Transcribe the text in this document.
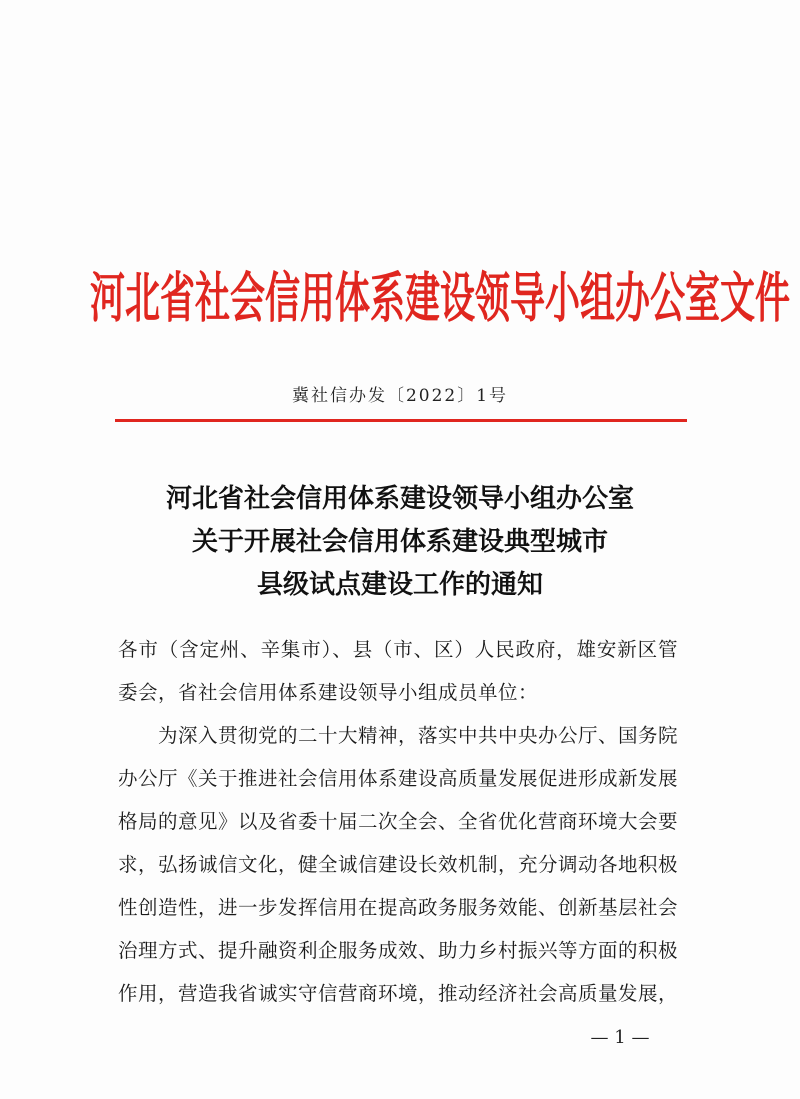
河北省社会信用体系建设领导小组办公室文件
冀社信办发〔2022〕1号
河北省社会信用体系建设领导小组办公室
关于开展社会信用体系建设典型城市
县级试点建设工作的通知

各市（含定州、辛集市）、县（市、区）人民政府，雄安新区管

委会，省社会信用体系建设领导小组成员单位：

　　为深入贯彻党的二十大精神，落实中共中央办公厅、国务院

办公厅《关于推进社会信用体系建设高质量发展促进形成新发展

格局的意见》以及省委十届二次全会、全省优化营商环境大会要

求，弘扬诚信文化，健全诚信建设长效机制，充分调动各地积极

性创造性，进一步发挥信用在提高政务服务效能、创新基层社会

治理方式、提升融资利企服务成效、助力乡村振兴等方面的积极

作用，营造我省诚实守信营商环境，推动经济社会高质量发展，

— 1 —
